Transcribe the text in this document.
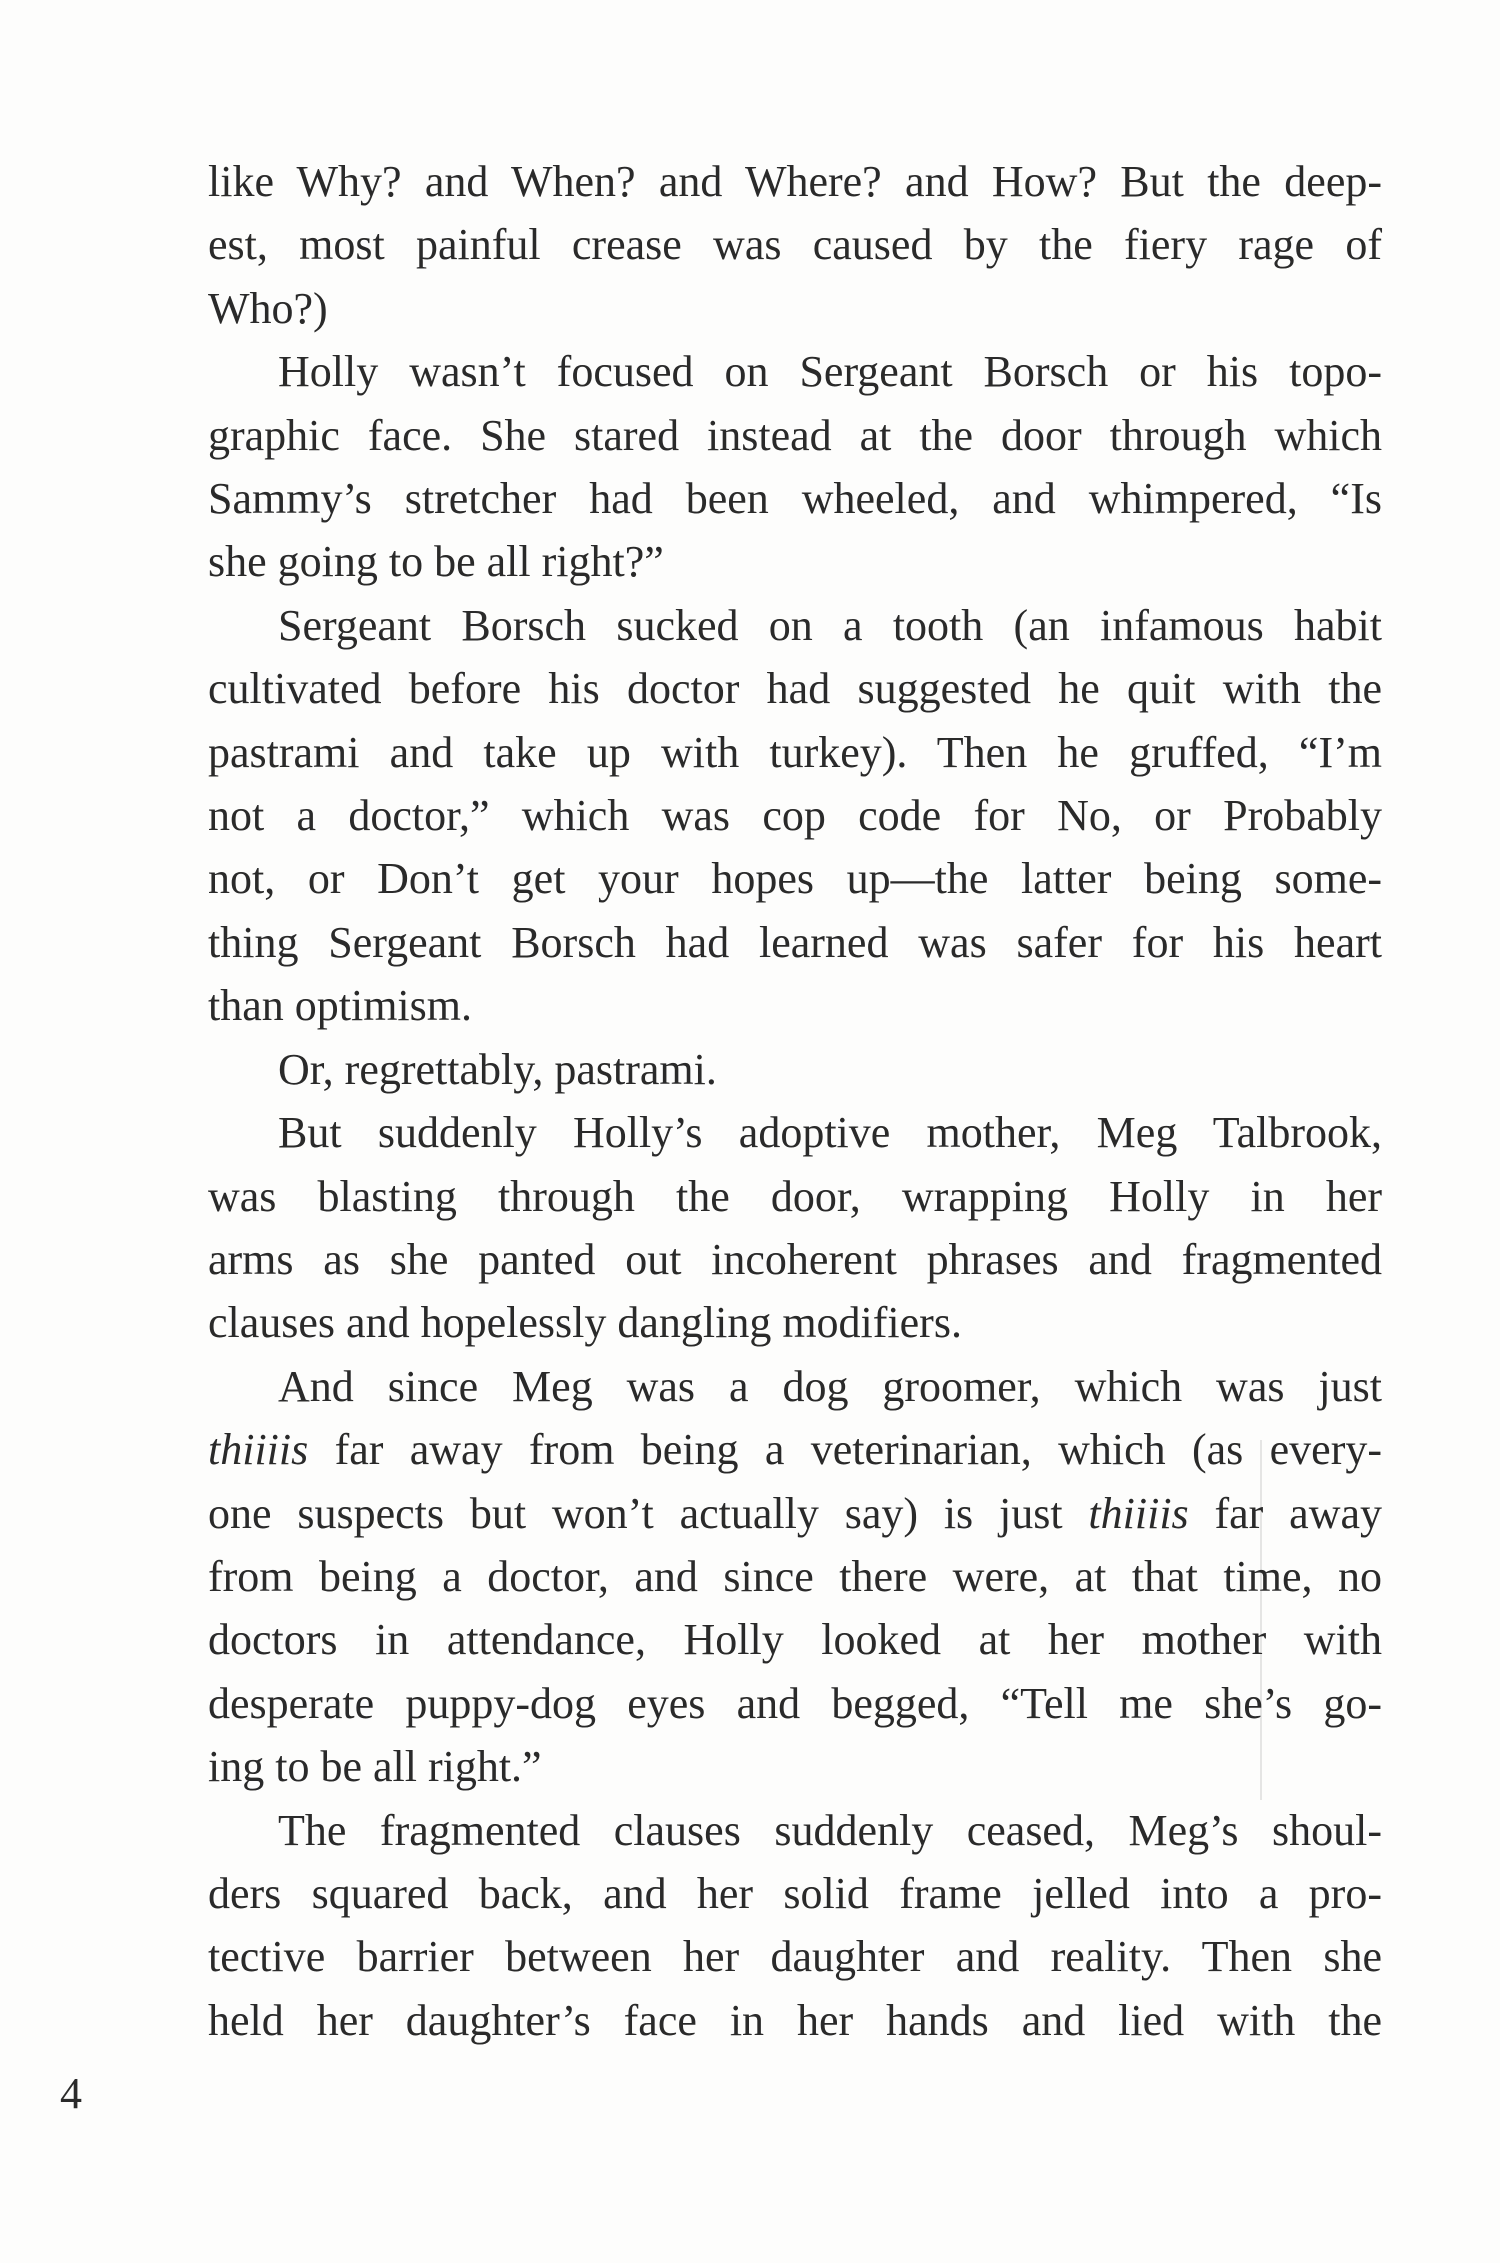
like Why? and When? and Where? and How? But the deep-
est, most painful crease was caused by the fiery rage of
Who?)
Holly wasn’t focused on Sergeant Borsch or his topo-
graphic face. She stared instead at the door through which
Sammy’s stretcher had been wheeled, and whimpered, “Is
she going to be all right?”
Sergeant Borsch sucked on a tooth (an infamous habit
cultivated before his doctor had suggested he quit with the
pastrami and take up with turkey). Then he gruffed, “I’m
not a doctor,” which was cop code for No, or Probably
not, or Don’t get your hopes up—the latter being some-
thing Sergeant Borsch had learned was safer for his heart
than optimism.
Or, regrettably, pastrami.
But suddenly Holly’s adoptive mother, Meg Talbrook,
was blasting through the door, wrapping Holly in her
arms as she panted out incoherent phrases and fragmented
clauses and hopelessly dangling modifiers.
And since Meg was a dog groomer, which was just
thiiiis far away from being a veterinarian, which (as every-
one suspects but won’t actually say) is just thiiiis far away
from being a doctor, and since there were, at that time, no
doctors in attendance, Holly looked at her mother with
desperate puppy-dog eyes and begged, “Tell me she’s go-
ing to be all right.”
The fragmented clauses suddenly ceased, Meg’s shoul-
ders squared back, and her solid frame jelled into a pro-
tective barrier between her daughter and reality. Then she
held her daughter’s face in her hands and lied with the
4
